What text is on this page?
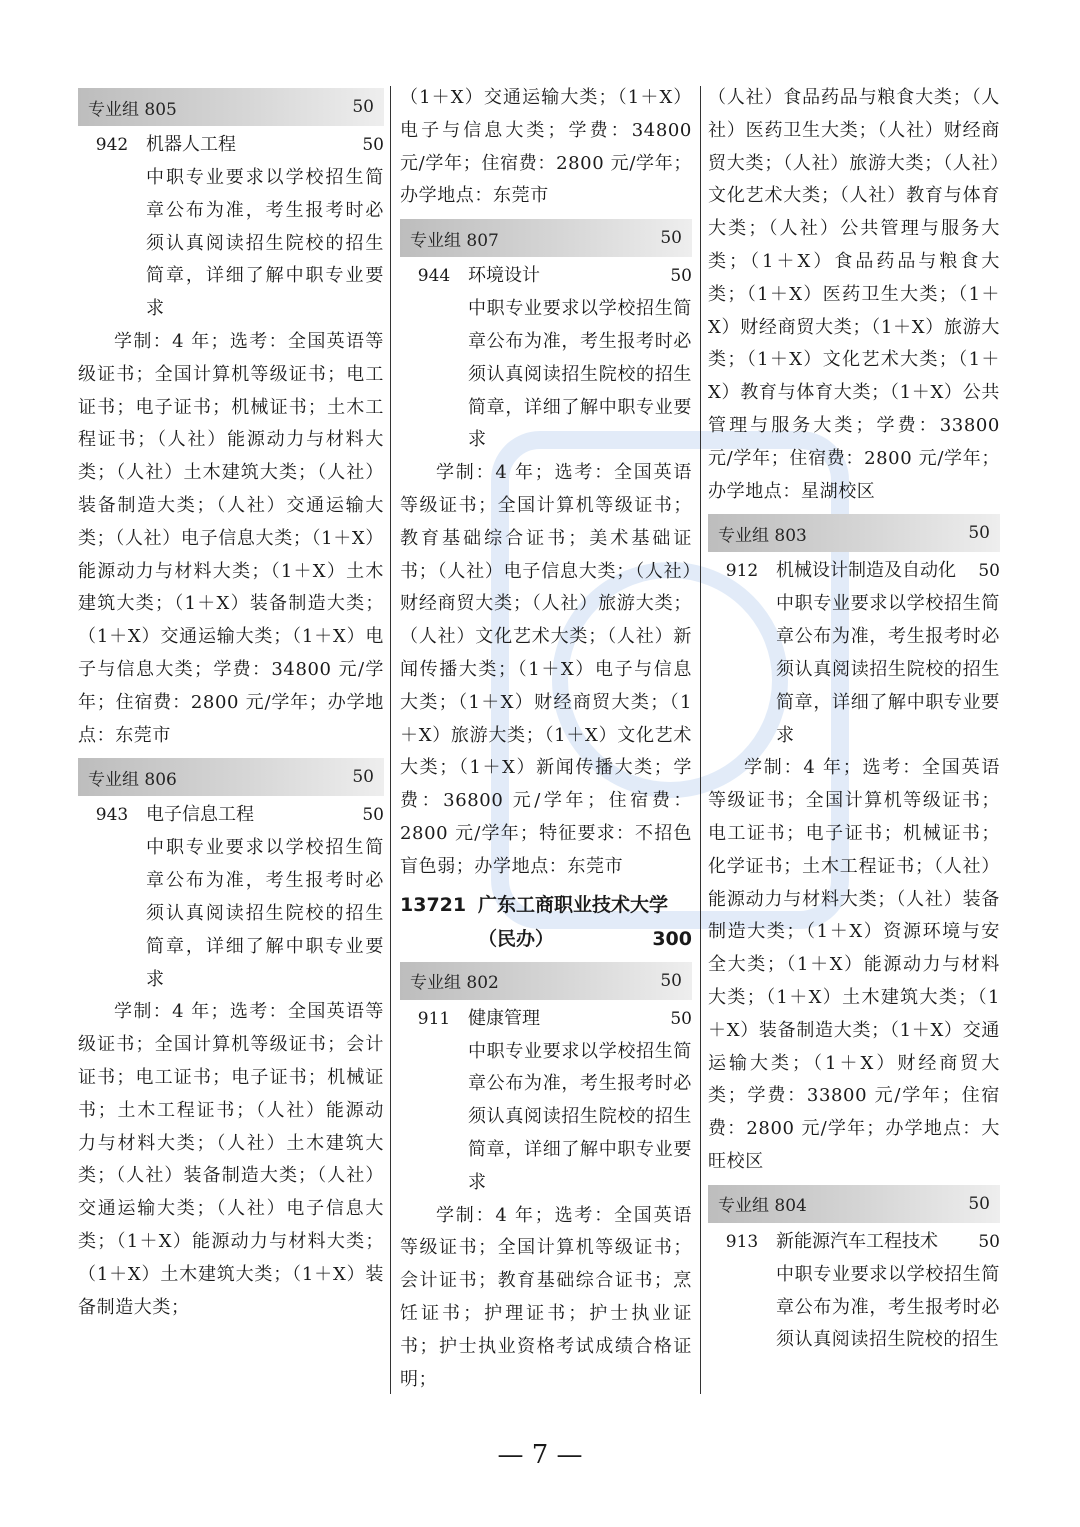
专业组 805	50
942 机器人工程	50
中职专业要求以学校招生简章公布为准，考生报考时必须认真阅读招生院校的招生简章，详细了解中职专业要求
学制：4 年；选考：全国英语等级证书；全国计算机等级证书；电工证书；电子证书；机械证书；土木工程证书；（人社）能源动力与材料大类；（人社）土木建筑大类；（人社）装备制造大类；（人社）交通运输大类；（人社）电子信息大类；（1＋X）能源动力与材料大类；（1＋X）土木建筑大类；（1＋X）装备制造大类；（1＋X）交通运输大类；（1＋X）电子与信息大类；学费：34800 元/学年；住宿费：2800 元/学年；办学地点：东莞市
专业组 806	50
943 电子信息工程	50
中职专业要求以学校招生简章公布为准，考生报考时必须认真阅读招生院校的招生简章，详细了解中职专业要求
学制：4 年；选考：全国英语等级证书；全国计算机等级证书；会计证书；电工证书；电子证书；机械证书；土木工程证书；（人社）能源动力与材料大类；（人社）土木建筑大类；（人社）装备制造大类；（人社）交通运输大类；（人社）电子信息大类；（1＋X）能源动力与材料大类；（1＋X）土木建筑大类；（1＋X）装备制造大类；
（1＋X）交通运输大类；（1＋X）电子与信息大类；学费：34800 元/学年；住宿费：2800 元/学年；办学地点：东莞市
专业组 807	50
944 环境设计	50
中职专业要求以学校招生简章公布为准，考生报考时必须认真阅读招生院校的招生简章，详细了解中职专业要求
学制：4 年；选考：全国英语等级证书；全国计算机等级证书；教育基础综合证书；美术基础证书；（人社）电子信息大类；（人社）财经商贸大类；（人社）旅游大类；（人社）文化艺术大类；（人社）新闻传播大类；（1＋X）电子与信息大类；（1＋X）财经商贸大类；（1＋X）旅游大类；（1＋X）文化艺术大类；（1＋X）新闻传播大类；学费：36800 元/学年；住宿费：2800 元/学年；特征要求：不招色盲色弱；办学地点：东莞市
13721 广东工商职业技术大学
（民办）	300
专业组 802	50
911 健康管理	50
中职专业要求以学校招生简章公布为准，考生报考时必须认真阅读招生院校的招生简章，详细了解中职专业要求
学制：4 年；选考：全国英语等级证书；全国计算机等级证书；会计证书；教育基础综合证书；烹饪证书；护理证书；护士执业证书；护士执业资格考试成绩合格证明；
（人社）食品药品与粮食大类；（人社）医药卫生大类；（人社）财经商贸大类；（人社）旅游大类；（人社）文化艺术大类；（人社）教育与体育大类；（人社）公共管理与服务大类；（1＋X）食品药品与粮食大类；（1＋X）医药卫生大类；（1＋X）财经商贸大类；（1＋X）旅游大类；（1＋X）文化艺术大类；（1＋X）教育与体育大类；（1＋X）公共管理与服务大类；学费：33800 元/学年；住宿费：2800 元/学年；办学地点：星湖校区
专业组 803	50
912 机械设计制造及自动化	50
中职专业要求以学校招生简章公布为准，考生报考时必须认真阅读招生院校的招生简章，详细了解中职专业要求
学制：4 年；选考：全国英语等级证书；全国计算机等级证书；电工证书；电子证书；机械证书；化学证书；土木工程证书；（人社）能源动力与材料大类；（人社）装备制造大类；（1＋X）资源环境与安全大类；（1＋X）能源动力与材料大类；（1＋X）土木建筑大类；（1＋X）装备制造大类；（1＋X）交通运输大类；（1＋X）财经商贸大类；学费：33800 元/学年；住宿费：2800 元/学年；办学地点：大旺校区
专业组 804	50
913 新能源汽车工程技术	50
中职专业要求以学校招生简章公布为准，考生报考时必须认真阅读招生院校的招生
— 7 —
